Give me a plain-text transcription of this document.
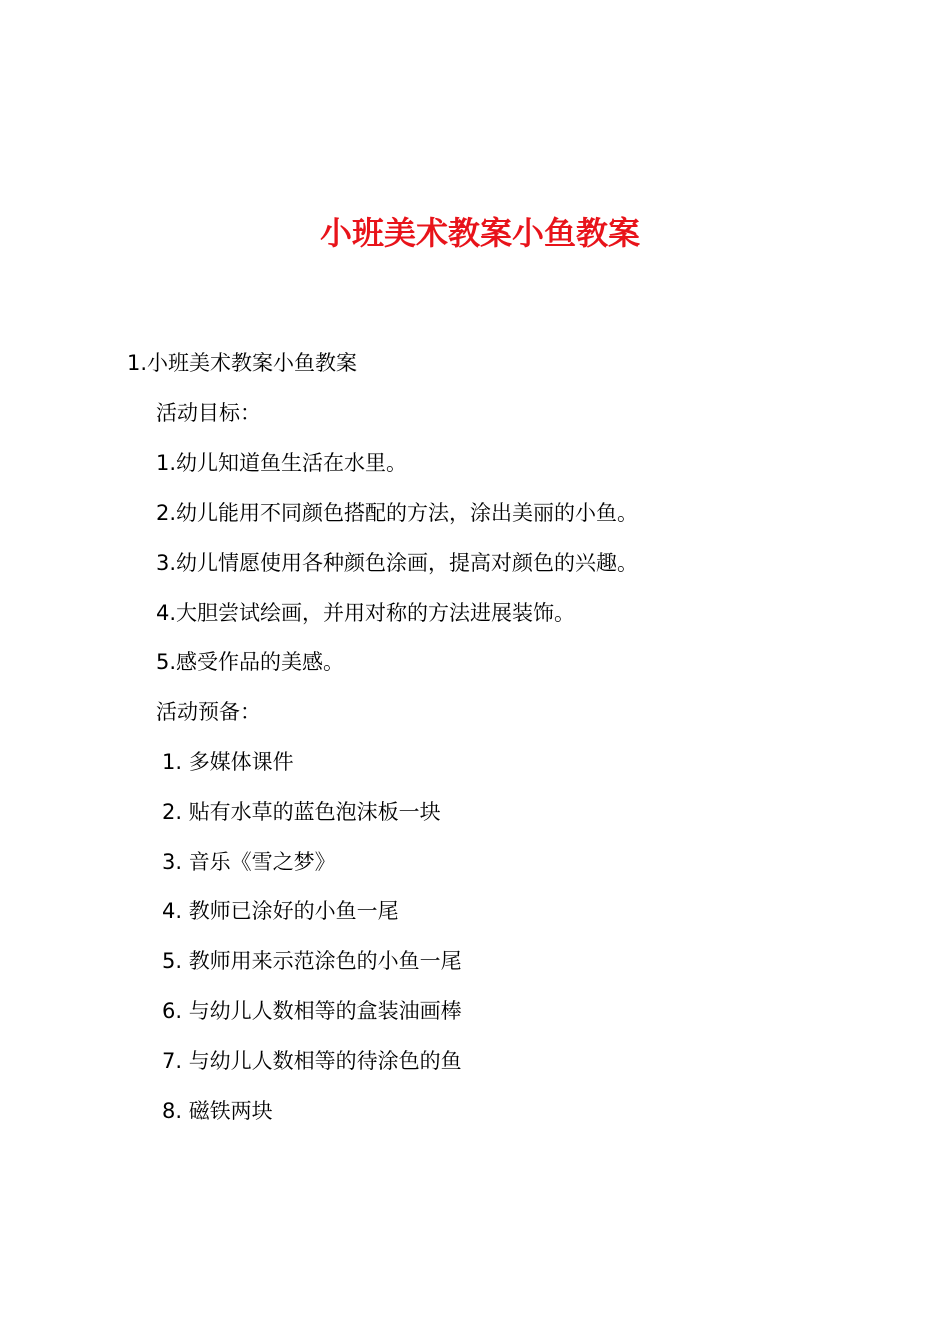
小班美术教案小鱼教案

1.小班美术教案小鱼教案

活动目标：

1.幼儿知道鱼生活在水里。

2.幼儿能用不同颜色搭配的方法，涂出美丽的小鱼。

3.幼儿情愿使用各种颜色涂画，提高对颜色的兴趣。

4.大胆尝试绘画，并用对称的方法进展装饰。

5.感受作品的美感。

活动预备：

1. 多媒体课件

2. 贴有水草的蓝色泡沫板一块

3. 音乐《雪之梦》

4. 教师已涂好的小鱼一尾

5. 教师用来示范涂色的小鱼一尾

6. 与幼儿人数相等的盒装油画棒

7. 与幼儿人数相等的待涂色的鱼

8. 磁铁两块
